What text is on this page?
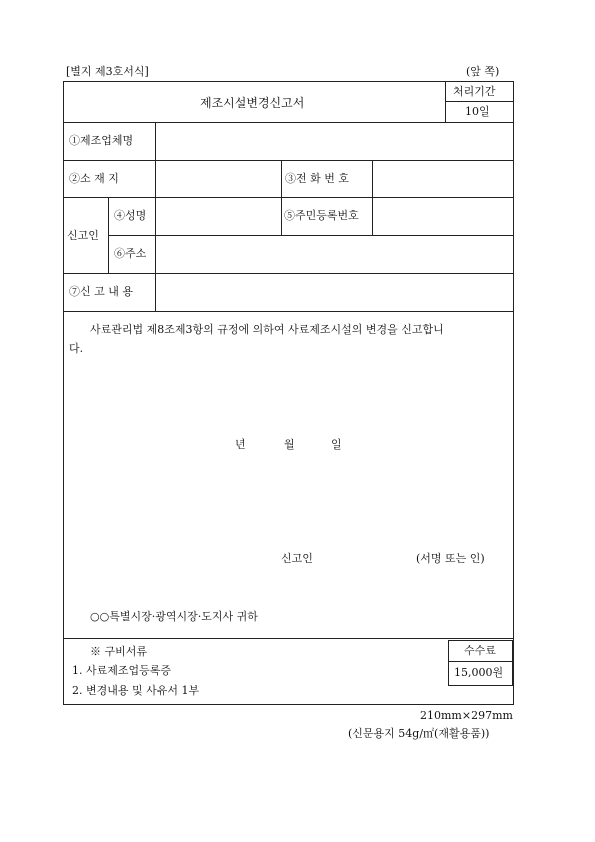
[별지 제3호서식]	(앞 쪽)
제조시설변경신고서
처리기간
10일
①제조업체명
②소 재 지	③전 화 번 호
신고인
④성명	⑤주민등록번호
⑥주소
⑦신 고 내 용
사료관리법 제8조제3항의 규정에 의하여 사료제조시설의 변경을 신고합니
다.
년	월	일
신고인	(서명 또는 인)
○○특별시장·광역시장·도지사 귀하
※ 구비서류
1. 사료제조업등록증
2. 변경내용 및 사유서 1부
수수료
15,000원
210mm×297mm
(신문용지 54g/㎡(재활용품))
